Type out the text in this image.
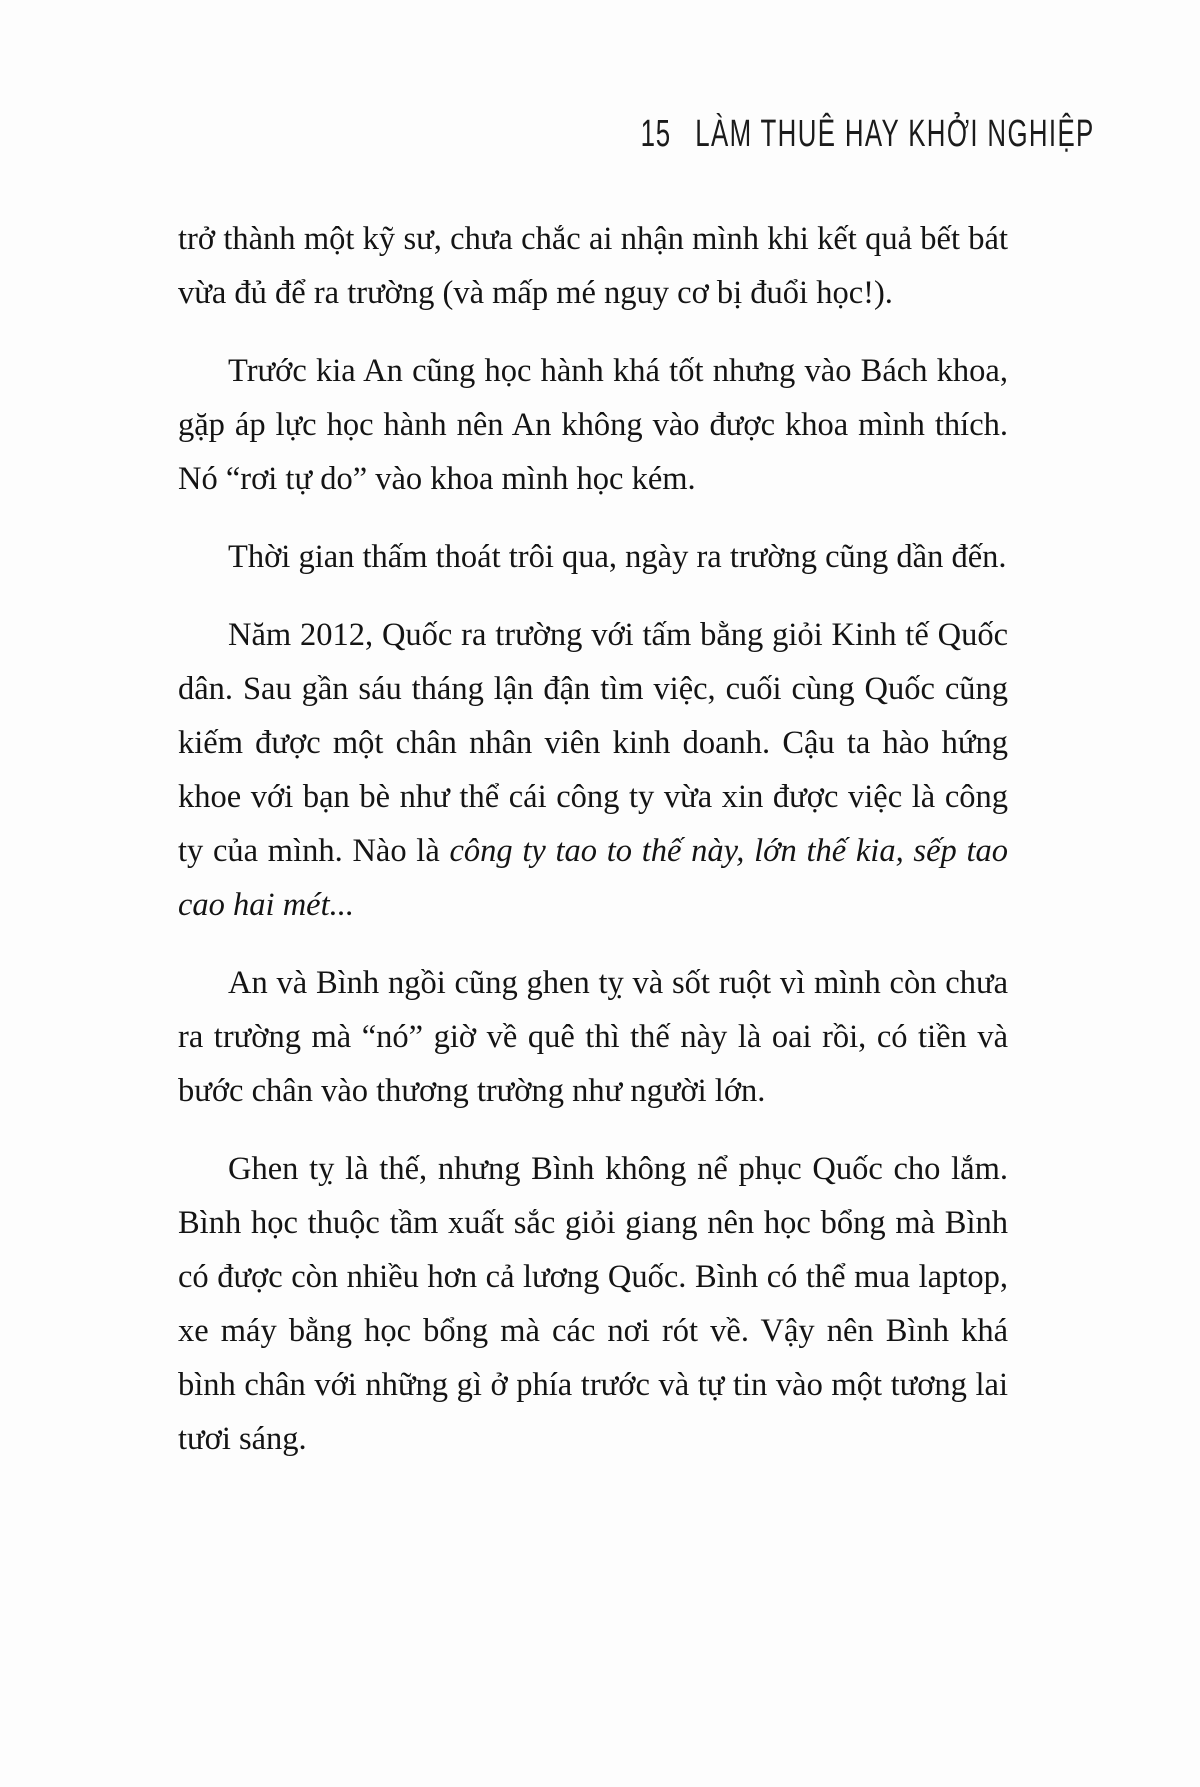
15 LÀM THUÊ HAY KHỞI NGHIỆP

trở thành một kỹ sư, chưa chắc ai nhận mình khi kết quả bết bát vừa đủ để ra trường (và mấp mé nguy cơ bị đuổi học!).

Trước kia An cũng học hành khá tốt nhưng vào Bách khoa, gặp áp lực học hành nên An không vào được khoa mình thích. Nó “rơi tự do” vào khoa mình học kém.

Thời gian thấm thoát trôi qua, ngày ra trường cũng dần đến.

Năm 2012, Quốc ra trường với tấm bằng giỏi Kinh tế Quốc dân. Sau gần sáu tháng lận đận tìm việc, cuối cùng Quốc cũng kiếm được một chân nhân viên kinh doanh. Cậu ta hào hứng khoe với bạn bè như thể cái công ty vừa xin được việc là công ty của mình. Nào là công ty tao to thế này, lớn thế kia, sếp tao cao hai mét...

An và Bình ngồi cũng ghen tỵ và sốt ruột vì mình còn chưa ra trường mà “nó” giờ về quê thì thế này là oai rồi, có tiền và bước chân vào thương trường như người lớn.

Ghen tỵ là thế, nhưng Bình không nể phục Quốc cho lắm. Bình học thuộc tầm xuất sắc giỏi giang nên học bổng mà Bình có được còn nhiều hơn cả lương Quốc. Bình có thể mua laptop, xe máy bằng học bổng mà các nơi rót về. Vậy nên Bình khá bình chân với những gì ở phía trước và tự tin vào một tương lai tươi sáng.
